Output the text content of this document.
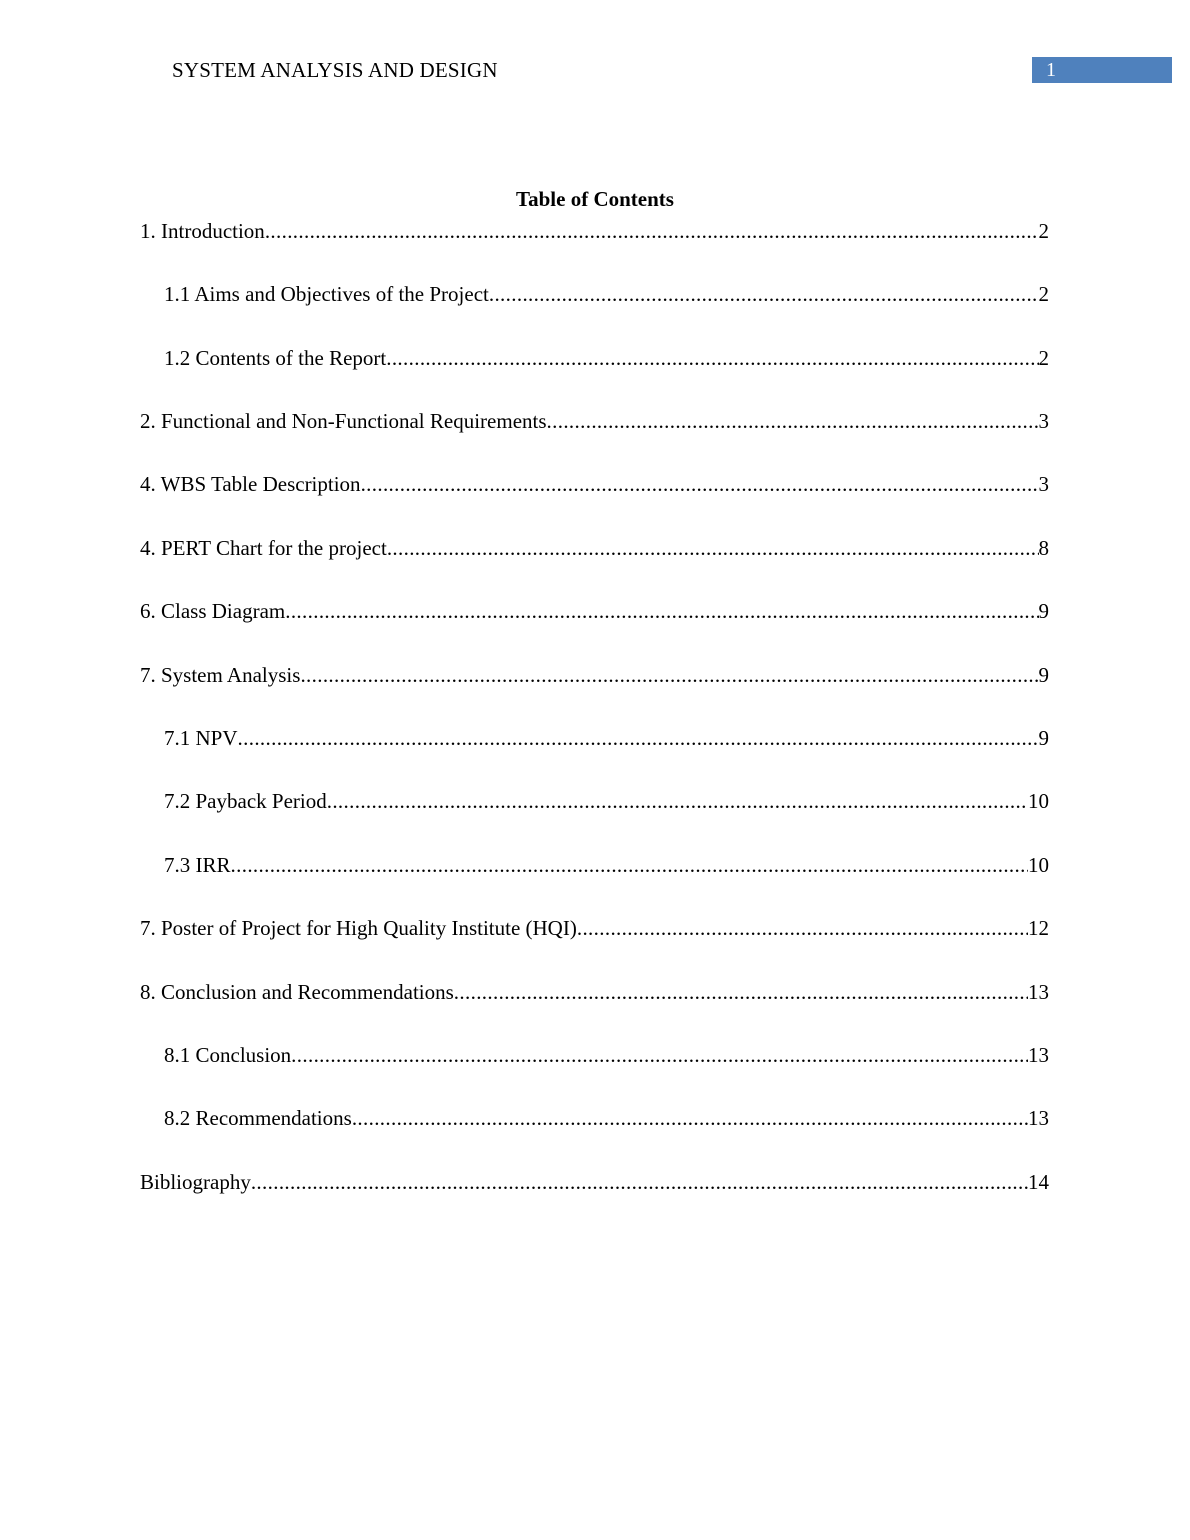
SYSTEM ANALYSIS AND DESIGN	1
Table of Contents
1. Introduction .....	2
1.1 Aims and Objectives of the Project .....	2
1.2 Contents of the Report .....	2
2. Functional and Non-Functional Requirements .....	3
4. WBS Table Description .....	3
4. PERT Chart for the project .....	8
6. Class Diagram .....	9
7. System Analysis .....	9
7.1 NPV .....	9
7.2 Payback Period .....	10
7.3 IRR .....	10
7. Poster of Project for High Quality Institute (HQI) .....	12
8. Conclusion and Recommendations .....	13
8.1 Conclusion .....	13
8.2 Recommendations .....	13
Bibliography .....	14
